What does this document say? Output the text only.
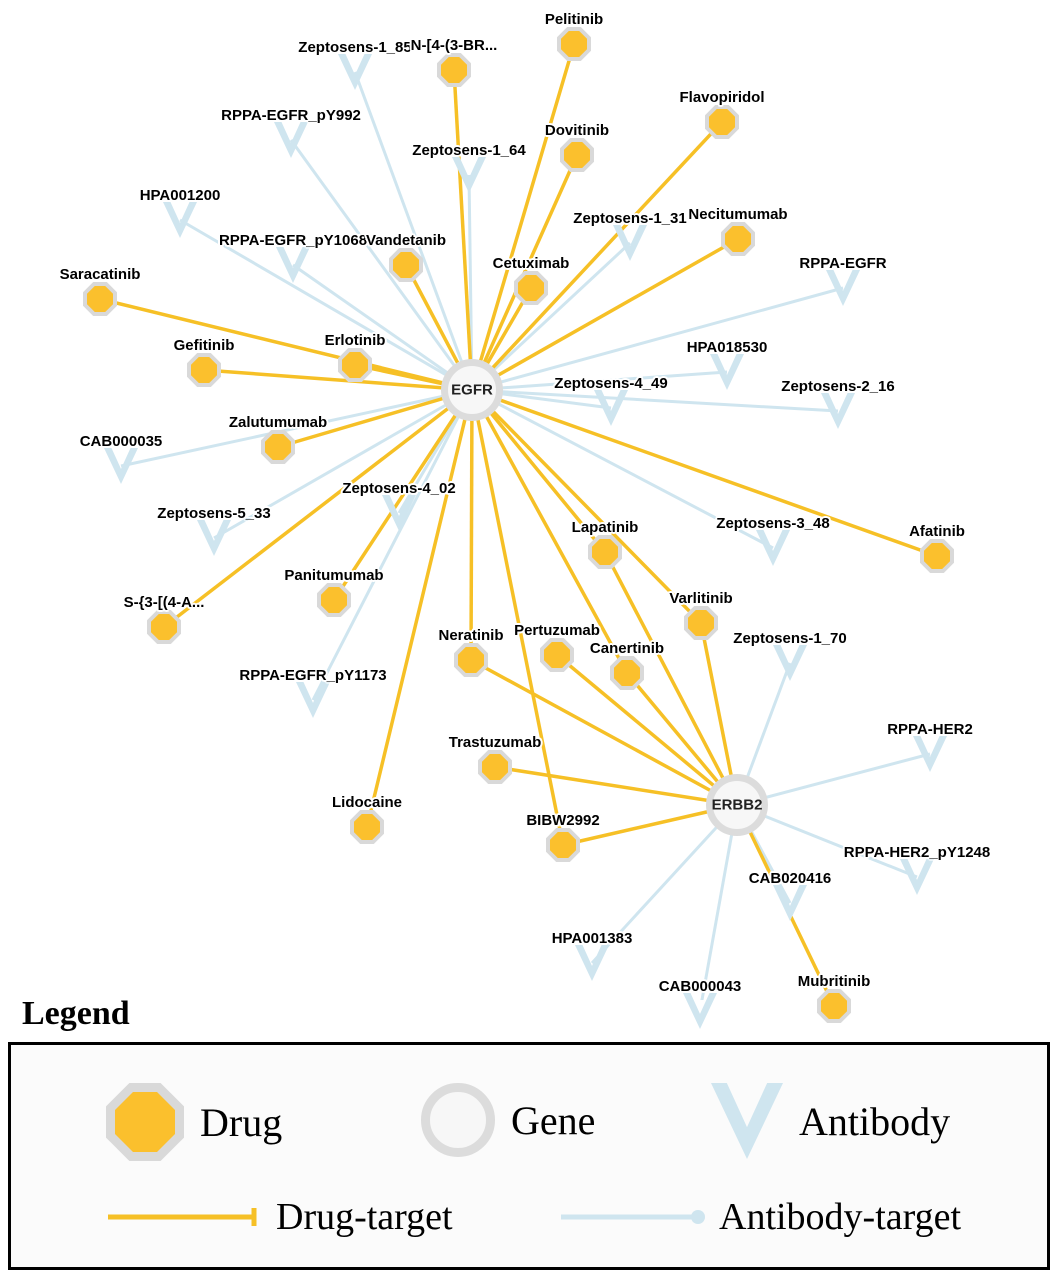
Zeptosens-1_85
RPPA-EGFR_pY992
Zeptosens-1_64
HPA001200
Zeptosens-1_31
RPPA-EGFR_pY1068
RPPA-EGFR
HPA018530
Zeptosens-4_49	Zeptosens-2_16
CAB000035
Zeptosens-5_33
Zeptosens-4_02
Zeptosens-3_48
Zeptosens-1_70
RPPA-EGFR_pY1173
RPPA-HER2
RPPA-HER2_pY1248
CAB020416
HPA001383
CAB000043
Pelitinib
N-[4-(3-BR...
Flavopiridol
Dovitinib
Necitumumab
Vandetanib
Cetuximab
Saracatinib
Gefitinib	Erlotinib
Zalutumumab
Afatinib
Lapatinib
Varlitinib
Panitumumab
S-{3-[(4-A...
Pertuzumab
Neratinib
Canertinib
Trastuzumab
Lidocaine
BIBW2992
Mubritinib
EGFR
ERBB2
Legend
Drug	Gene	Antibody
Drug-target	Antibody-target
